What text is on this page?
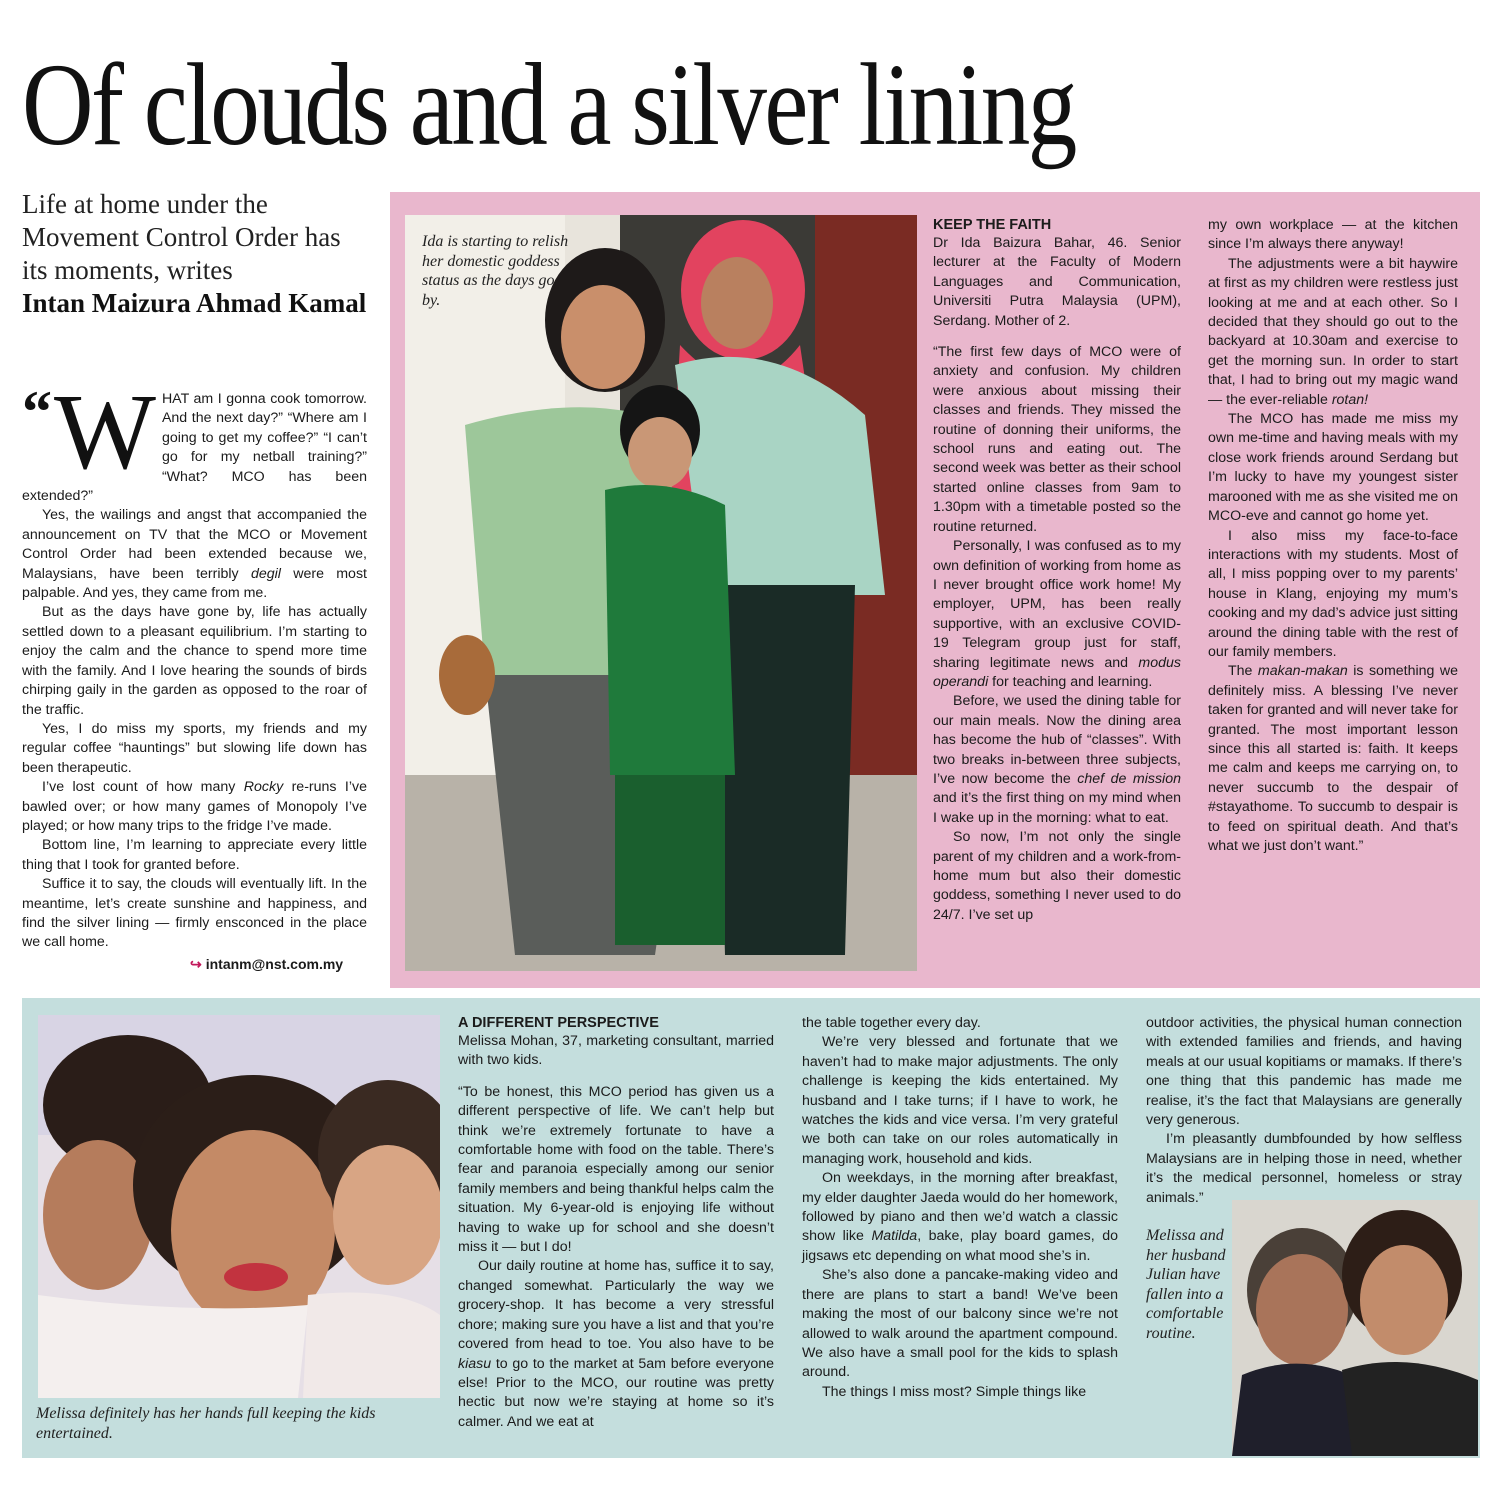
Of clouds and a silver lining
Life at home under the Movement Control Order has its moments, writes
Intan Maizura Ahmad Kamal

“ W HAT am I gonna cook tomorrow. And the next day?” “Where am I going to get my coffee?” “I can’t go for my netball training?” “What? MCO has been extended?”

Yes, the wailings and angst that accompanied the announcement on TV that the MCO or Movement Control Order had been extended because we, Malaysians, have been terribly degil were most palpable. And yes, they came from me.

But as the days have gone by, life has actually settled down to a pleasant equilibrium. I’m starting to enjoy the calm and the chance to spend more time with the family. And I love hearing the sounds of birds chirping gaily in the garden as opposed to the roar of the traffic.

Yes, I do miss my sports, my friends and my regular coffee “hauntings” but slowing life down has been therapeutic.

I’ve lost count of how many Rocky re-runs I’ve bawled over; or how many games of Monopoly I’ve played; or how many trips to the fridge I’ve made.

Bottom line, I’m learning to appreciate every little thing that I took for granted before.

Suffice it to say, the clouds will eventually lift. In the meantime, let’s create sunshine and happiness, and find the silver lining — firmly ensconced in the place we call home.

↪ intanm@nst.com.my
Ida is starting to relish her domestic goddess status as the days go by.

KEEP THE FAITH

Dr Ida Baizura Bahar, 46. Senior lecturer at the Faculty of Modern Languages and Communication, Universiti Putra Malaysia (UPM), Serdang. Mother of 2.

“The first few days of MCO were of anxiety and confusion. My children were anxious about missing their classes and friends. They missed the routine of donning their uniforms, the school runs and eating out. The second week was better as their school started online classes from 9am to 1.30pm with a timetable posted so the routine returned.

Personally, I was confused as to my own definition of working from home as I never brought office work home! My employer, UPM, has been really supportive, with an exclusive COVID-19 Telegram group just for staff, sharing legitimate news and modus operandi for teaching and learning.

Before, we used the dining table for our main meals. Now the dining area has become the hub of “classes”. With two breaks in-between three subjects, I’ve now become the chef de mission and it’s the first thing on my mind when I wake up in the morning: what to eat.

So now, I’m not only the single parent of my children and a work-from-home mum but also their domestic goddess, something I never used to do 24/7. I’ve set up

my own workplace — at the kitchen since I’m always there anyway!

The adjustments were a bit haywire at first as my children were restless just looking at me and at each other. So I decided that they should go out to the backyard at 10.30am and exercise to get the morning sun. In order to start that, I had to bring out my magic wand — the ever-reliable rotan!

The MCO has made me miss my own me-time and having meals with my close work friends around Serdang but I’m lucky to have my youngest sister marooned with me as she visited me on MCO-eve and cannot go home yet.

I also miss my face-to-face interactions with my students. Most of all, I miss popping over to my parents’ house in Klang, enjoying my mum’s cooking and my dad’s advice just sitting around the dining table with the rest of our family members.

The makan-makan is something we definitely miss. A blessing I’ve never taken for granted and will never take for granted. The most important lesson since this all started is: faith. It keeps me calm and keeps me carrying on, to never succumb to the despair of #stayathome. To succumb to despair is to feed on spiritual death. And that’s what we just don’t want.”

Melissa definitely has her hands full keeping the kids entertained.

A DIFFERENT PERSPECTIVE

Melissa Mohan, 37, marketing consultant, married with two kids.

“To be honest, this MCO period has given us a different perspective of life. We can’t help but think we’re extremely fortunate to have a comfortable home with food on the table. There’s fear and paranoia especially among our senior family members and being thankful helps calm the situation. My 6-year-old is enjoying life without having to wake up for school and she doesn’t miss it — but I do!

Our daily routine at home has, suffice it to say, changed somewhat. Particularly the way we grocery-shop. It has become a very stressful chore; making sure you have a list and that you’re covered from head to toe. You also have to be kiasu to go to the market at 5am before everyone else! Prior to the MCO, our routine was pretty hectic but now we’re staying at home so it’s calmer. And we eat at

the table together every day.

We’re very blessed and fortunate that we haven’t had to make major adjustments. The only challenge is keeping the kids entertained. My husband and I take turns; if I have to work, he watches the kids and vice versa. I’m very grateful we both can take on our roles automatically in managing work, household and kids.

On weekdays, in the morning after breakfast, my elder daughter Jaeda would do her homework, followed by piano and then we’d watch a classic show like Matilda, bake, play board games, do jigsaws etc depending on what mood she’s in.

She’s also done a pancake-making video and there are plans to start a band! We’ve been making the most of our balcony since we’re not allowed to walk around the apartment compound. We also have a small pool for the kids to splash around.

The things I miss most? Simple things like

outdoor activities, the physical human connection with extended families and friends, and having meals at our usual kopitiams or mamaks. If there’s one thing that this pandemic has made me realise, it’s the fact that Malaysians are generally very generous.

I’m pleasantly dumbfounded by how selfless Malaysians are in helping those in need, whether it’s the medical personnel, homeless or stray animals.”

Melissa and her husband Julian have fallen into a comfortable routine.
